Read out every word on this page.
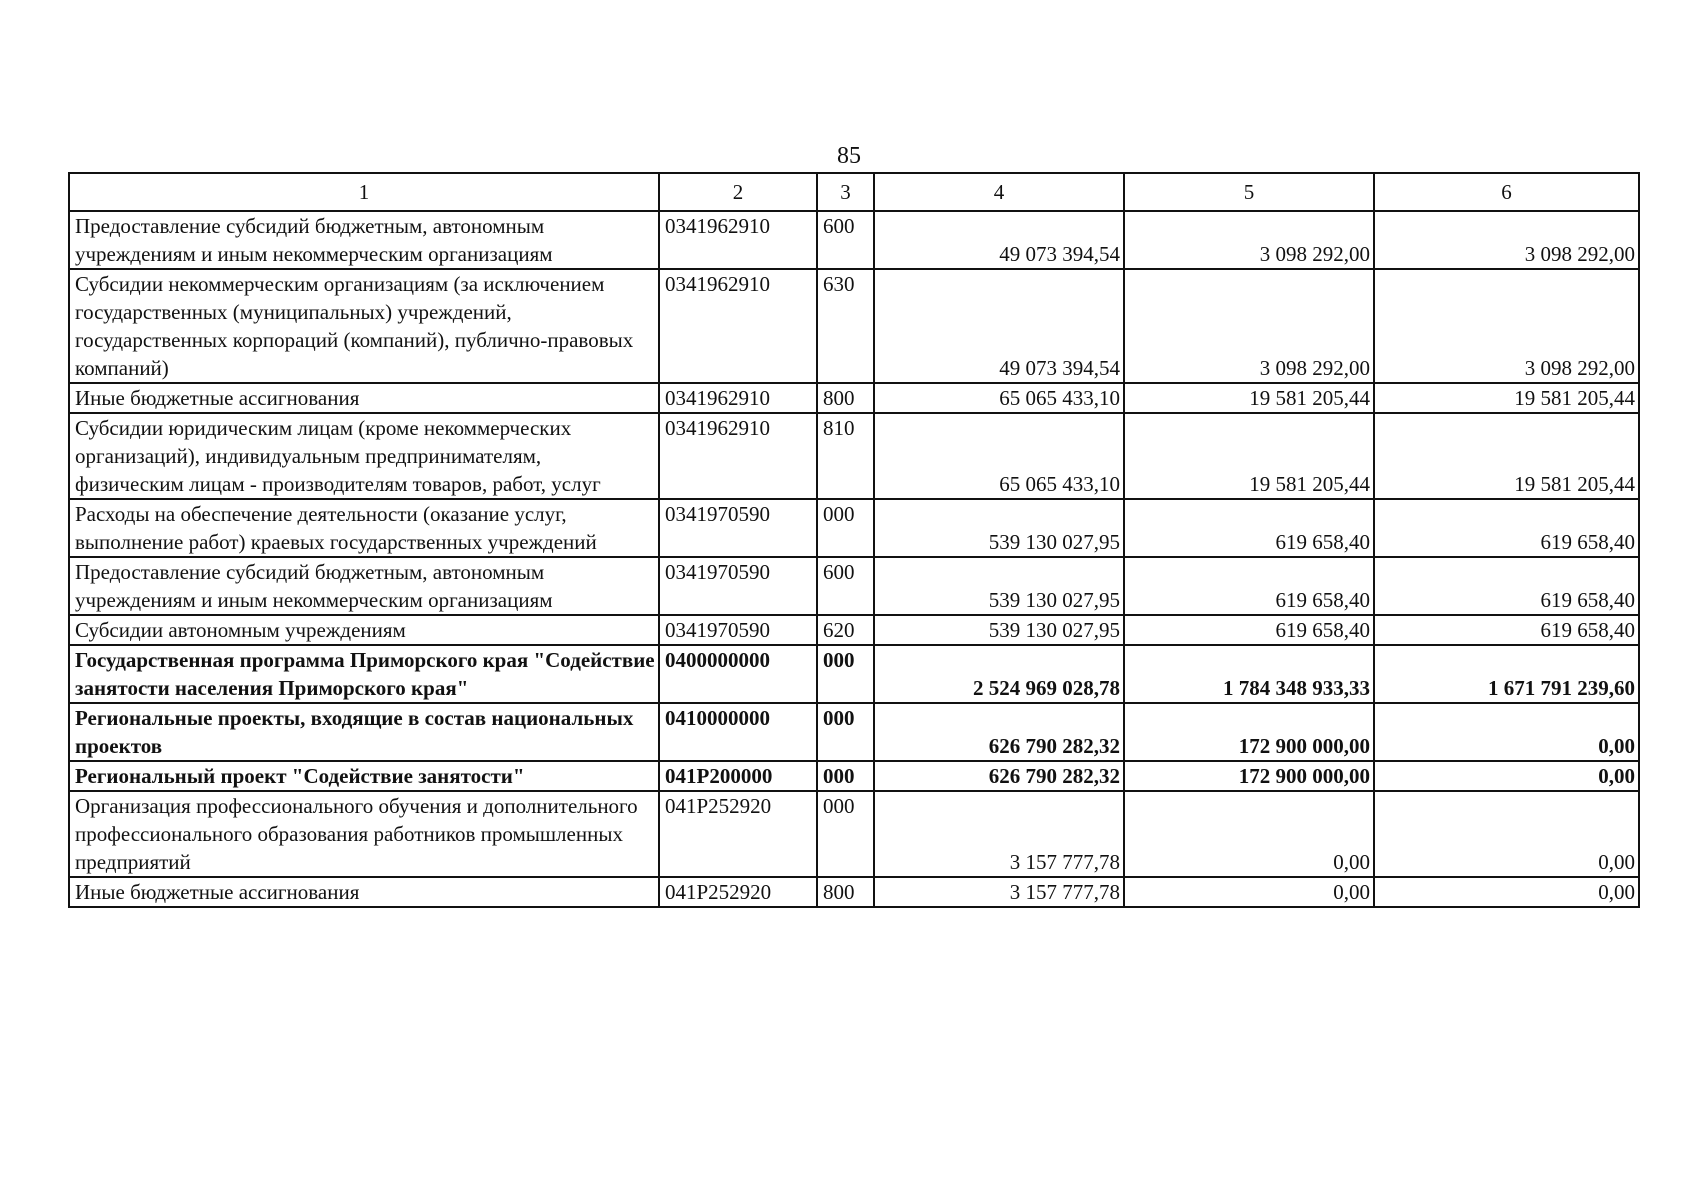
85
1	2	3	4	5	6
Предоставление субсидий бюджетным, автономным учреждениям и иным некоммерческим организациям	0341962910	600	49 073 394,54	3 098 292,00	3 098 292,00
Субсидии некоммерческим организациям (за исключением государственных (муниципальных) учреждений, государственных корпораций (компаний), публично-правовых компаний)	0341962910	630	49 073 394,54	3 098 292,00	3 098 292,00
Иные бюджетные ассигнования	0341962910	800	65 065 433,10	19 581 205,44	19 581 205,44
Субсидии юридическим лицам (кроме некоммерческих организаций), индивидуальным предпринимателям, физическим лицам - производителям товаров, работ, услуг	0341962910	810	65 065 433,10	19 581 205,44	19 581 205,44
Расходы на обеспечение деятельности (оказание услуг, выполнение работ) краевых государственных учреждений	0341970590	000	539 130 027,95	619 658,40	619 658,40
Предоставление субсидий бюджетным, автономным учреждениям и иным некоммерческим организациям	0341970590	600	539 130 027,95	619 658,40	619 658,40
Субсидии автономным учреждениям	0341970590	620	539 130 027,95	619 658,40	619 658,40
Государственная программа Приморского края "Содействие занятости населения Приморского края"	0400000000	000	2 524 969 028,78	1 784 348 933,33	1 671 791 239,60
Региональные проекты, входящие в состав национальных проектов	0410000000	000	626 790 282,32	172 900 000,00	0,00
Региональный проект "Содействие занятости"	041P200000	000	626 790 282,32	172 900 000,00	0,00
Организация профессионального обучения и дополнительного профессионального образования работников промышленных предприятий	041P252920	000	3 157 777,78	0,00	0,00
Иные бюджетные ассигнования	041P252920	800	3 157 777,78	0,00	0,00
